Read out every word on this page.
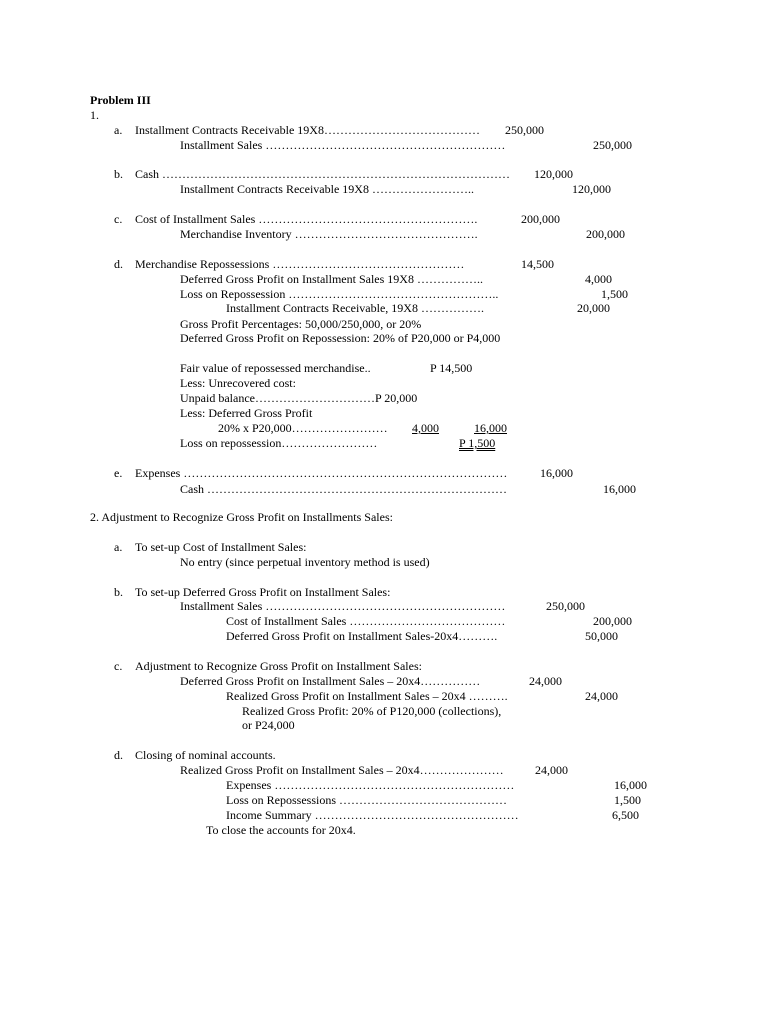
Problem III
1.
a. Installment Contracts Receivable 19X8………………………………… 250,000
Installment Sales ……………………………………………………	250,000
b. Cash …………………………………………………………………………… 120,000
Installment Contracts Receivable 19X8 ……………………..	120,000
c. Cost of Installment Sales ……………………………………………….	200,000
Merchandise Inventory ……………………………………….	200,000
d. Merchandise Repossessions …………………………………………	14,500
Deferred Gross Profit on Installment Sales 19X8 ……………..	4,000
Loss on Repossession ……………………………………………..	1,500
Installment Contracts Receivable, 19X8 …………….	20,000
Gross Profit Percentages: 50,000/250,000, or 20%
Deferred Gross Profit on Repossession: 20% of P20,000 or P4,000
Fair value of repossessed merchandise..	P 14,500
Less: Unrecovered cost:
Unpaid balance…………………………P 20,000
Less: Deferred Gross Profit
20% x P20,000……………………	4,000	16,000
Loss on repossession……………………	P 1,500
e. Expenses ………………………………………………………………………	16,000
Cash …………………………………………………………………	16,000
2. Adjustment to Recognize Gross Profit on Installments Sales:
a. To set-up Cost of Installment Sales:
No entry (since perpetual inventory method is used)
b. To set-up Deferred Gross Profit on Installment Sales:
Installment Sales ……………………………………………………	250,000
Cost of Installment Sales …………………………………	200,000
Deferred Gross Profit on Installment Sales-20x4……….	50,000
c. Adjustment to Recognize Gross Profit on Installment Sales:
Deferred Gross Profit on Installment Sales – 20x4……………	24,000
Realized Gross Profit on Installment Sales – 20x4 ……….	24,000
Realized Gross Profit: 20% of P120,000 (collections),
or P24,000
d. Closing of nominal accounts.
Realized Gross Profit on Installment Sales – 20x4…………………	24,000
Expenses ……………………………………………………	16,000
Loss on Repossessions ……………………………………	1,500
Income Summary ……………………………………………	6,500
To close the accounts for 20x4.
